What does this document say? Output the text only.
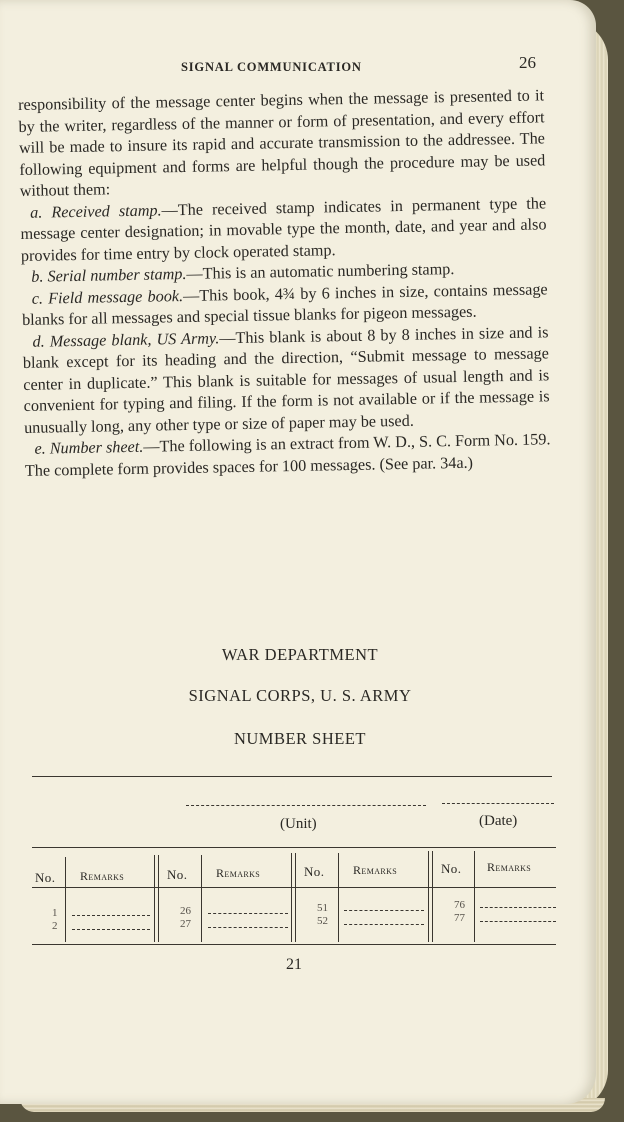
SIGNAL COMMUNICATION	26

responsibility of the message center begins when the message is presented to it by the writer, regardless of the manner or form of presentation, and every effort will be made to insure its rapid and accurate transmission to the addressee. The following equipment and forms are helpful though the procedure may be used without them:

a. Received stamp.—The received stamp indicates in permanent type the message center designation; in movable type the month, date, and year and also provides for time entry by clock operated stamp.

b. Serial number stamp.—This is an automatic numbering stamp.

c. Field message book.—This book, 4¾ by 6 inches in size, contains message blanks for all messages and special tissue blanks for pigeon messages.

d. Message blank, US Army.—This blank is about 8 by 8 inches in size and is blank except for its heading and the direction, “Submit message to message center in duplicate.” This blank is suitable for messages of usual length and is convenient for typing and filing. If the form is not available or if the message is unusually long, any other type or size of paper may be used.

e. Number sheet.—The following is an extract from W. D., S. C. Form No. 159. The complete form provides spaces for 100 messages. (See par. 34a.)

WAR DEPARTMENT
SIGNAL CORPS, U. S. ARMY
NUMBER SHEET
(Unit)	(Date)
No. Remarks
1
2
No. Remarks
26
27
No. Remarks
51
52
No. Remarks
76
77
21
